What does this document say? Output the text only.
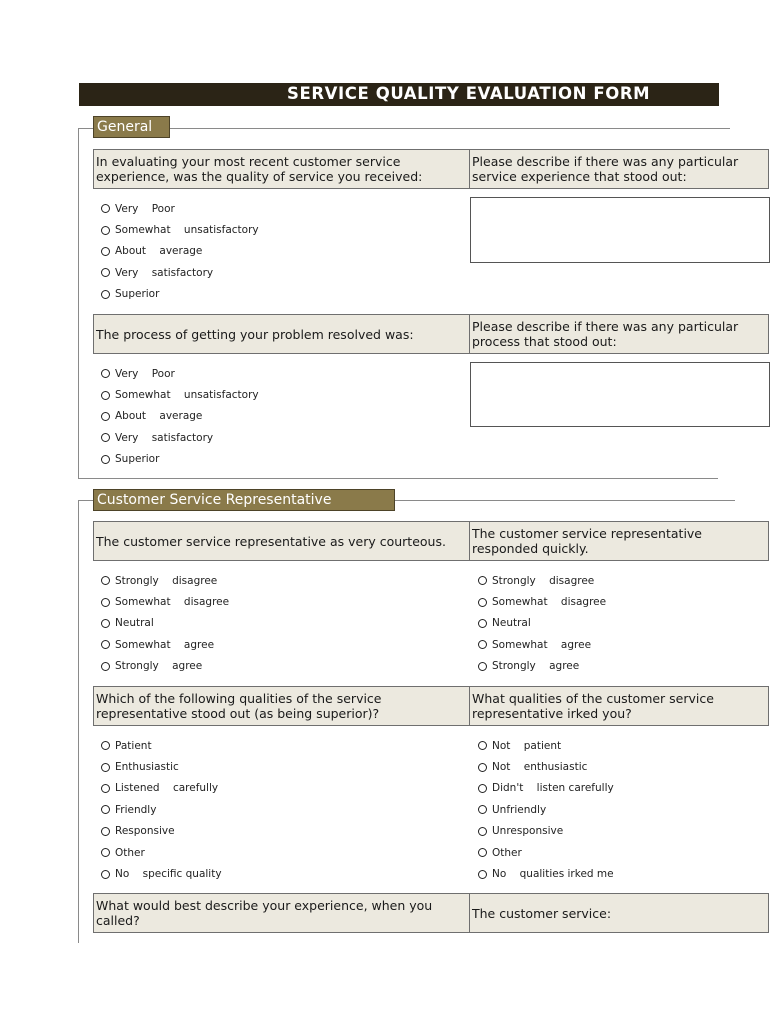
SERVICE QUALITY EVALUATION FORM
General
In evaluating your most recent customer service experience, was the quality of service you received:
Please describe if there was any particular service experience that stood out:
Very    Poor
Somewhat    unsatisfactory
About    average
Very    satisfactory
Superior
The process of getting your problem resolved was:	Please describe if there was any particular process that stood out:
Very    Poor
Somewhat    unsatisfactory
About    average
Very    satisfactory
Superior
Customer Service Representative
The customer service representative as very courteous. The customer service representative responded quickly.
Strongly    disagree
Somewhat    disagree
Neutral
Somewhat    agree
Strongly    agree
Strongly    disagree
Somewhat    disagree
Neutral
Somewhat    agree
Strongly    agree
Which of the following qualities of the service representative stood out (as being superior)?
What qualities of the customer service representative irked you?
Patient
Enthusiastic
Listened    carefully
Friendly
Responsive
Other
No    specific quality
Not    patient
Not    enthusiastic
Didn't    listen carefully
Unfriendly
Unresponsive
Other
No    qualities irked me
What would best describe your experience, when you called?	The customer service:
